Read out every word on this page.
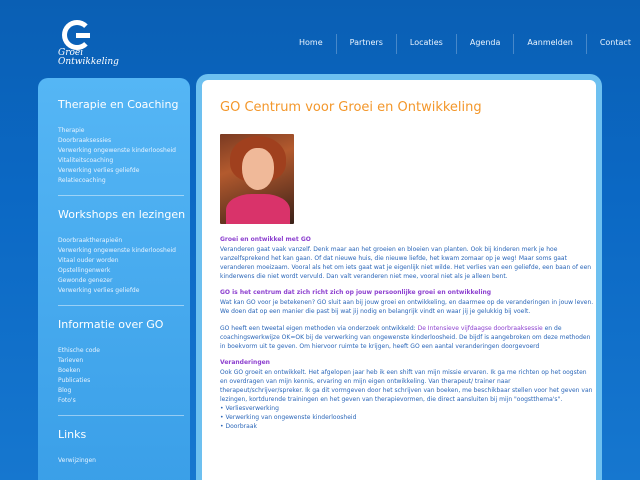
Groei
Ontwikkeling
Home	Partners	Locaties	Agenda	Aanmelden	Contact
Therapie en Coaching
Therapie
Doorbraaksessies
Verwerking ongewenste kinderloosheid
Vitaliteitscoaching
Verwerking verlies geliefde
Relatiecoaching
Workshops en lezingen
Doorbraaktherapieën
Verwerking ongewenste kinderloosheid
Vitaal ouder worden
Opstellingenwerk
Gewonde genezer
Verwerking verlies geliefde
Informatie over GO
Ethische code
Tarieven
Boeken
Publicaties
Blog
Foto's
Links
Verwijzingen
GO Centrum voor Groei en Ontwikkeling
Groei en ontwikkel met GO
Veranderen gaat vaak vanzelf. Denk maar aan het groeien en bloeien van planten. Ook bij kinderen merk je hoe vanzelfsprekend het kan gaan. Of dat nieuwe huis, die nieuwe liefde, het kwam zomaar op je weg! Maar soms gaat veranderen moeizaam. Vooral als het om iets gaat wat je eigenlijk niet wilde. Het verlies van een geliefde, een baan of een kinderwens die niet wordt vervuld. Dan valt veranderen niet mee, vooral niet als je alleen bent.
GO is het centrum dat zich richt zich op jouw persoonlijke groei en ontwikkeling
Wat kan GO voor je betekenen? GO sluit aan bij jouw groei en ontwikkeling, en daarmee op de veranderingen in jouw leven. We doen dat op een manier die past bij wat jij nodig en belangrijk vindt en waar jij je gelukkig bij voelt.
GO heeft een tweetal eigen methoden via onderzoek ontwikkeld: De Intensieve vijfdaagse doorbraaksessie en de coachingswerkwijze OK=OK bij de verwerking van ongewenste kinderloosheid. De bijdf is aangebroken om deze methoden in boekvorm uit te geven. Om hiervoor ruimte te krijgen, heeft GO een aantal veranderingen doorgevoerd
Veranderingen
Ook GO groeit en ontwikkelt. Het afgelopen jaar heb ik een shift van mijn missie ervaren. Ik ga me richten op het oogsten en overdragen van mijn kennis, ervaring en mijn eigen ontwikkeling. Van therapeut/ trainer naar therapeut/schrijver/spreker. Ik ga dit vormgeven door het schrijven van boeken, me beschikbaar stellen voor het geven van lezingen, kortdurende trainingen en het geven van therapievormen, die direct aansluiten bij mijn "oogstthema's".
• Verliesverwerking
• Verwerking van ongewenste kinderloosheid
• Doorbraak
